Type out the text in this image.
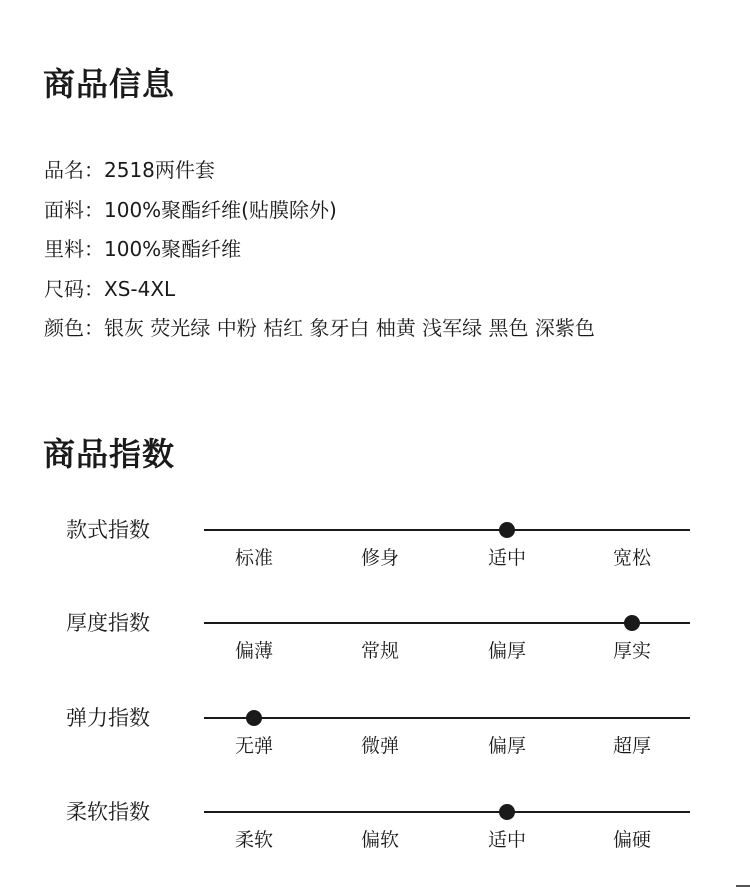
商品信息
品名：2518两件套
面料：100%聚酯纤维(贴膜除外)
里料：100%聚酯纤维
尺码：XS-4XL
颜色：银灰 荧光绿 中粉 桔红 象牙白 柚黄 浅军绿 黑色 深紫色
商品指数
款式指数
标准	修身	适中	宽松
厚度指数
偏薄	常规	偏厚	厚实
弹力指数
无弹	微弹	偏厚	超厚
柔软指数
柔软	偏软	适中	偏硬
